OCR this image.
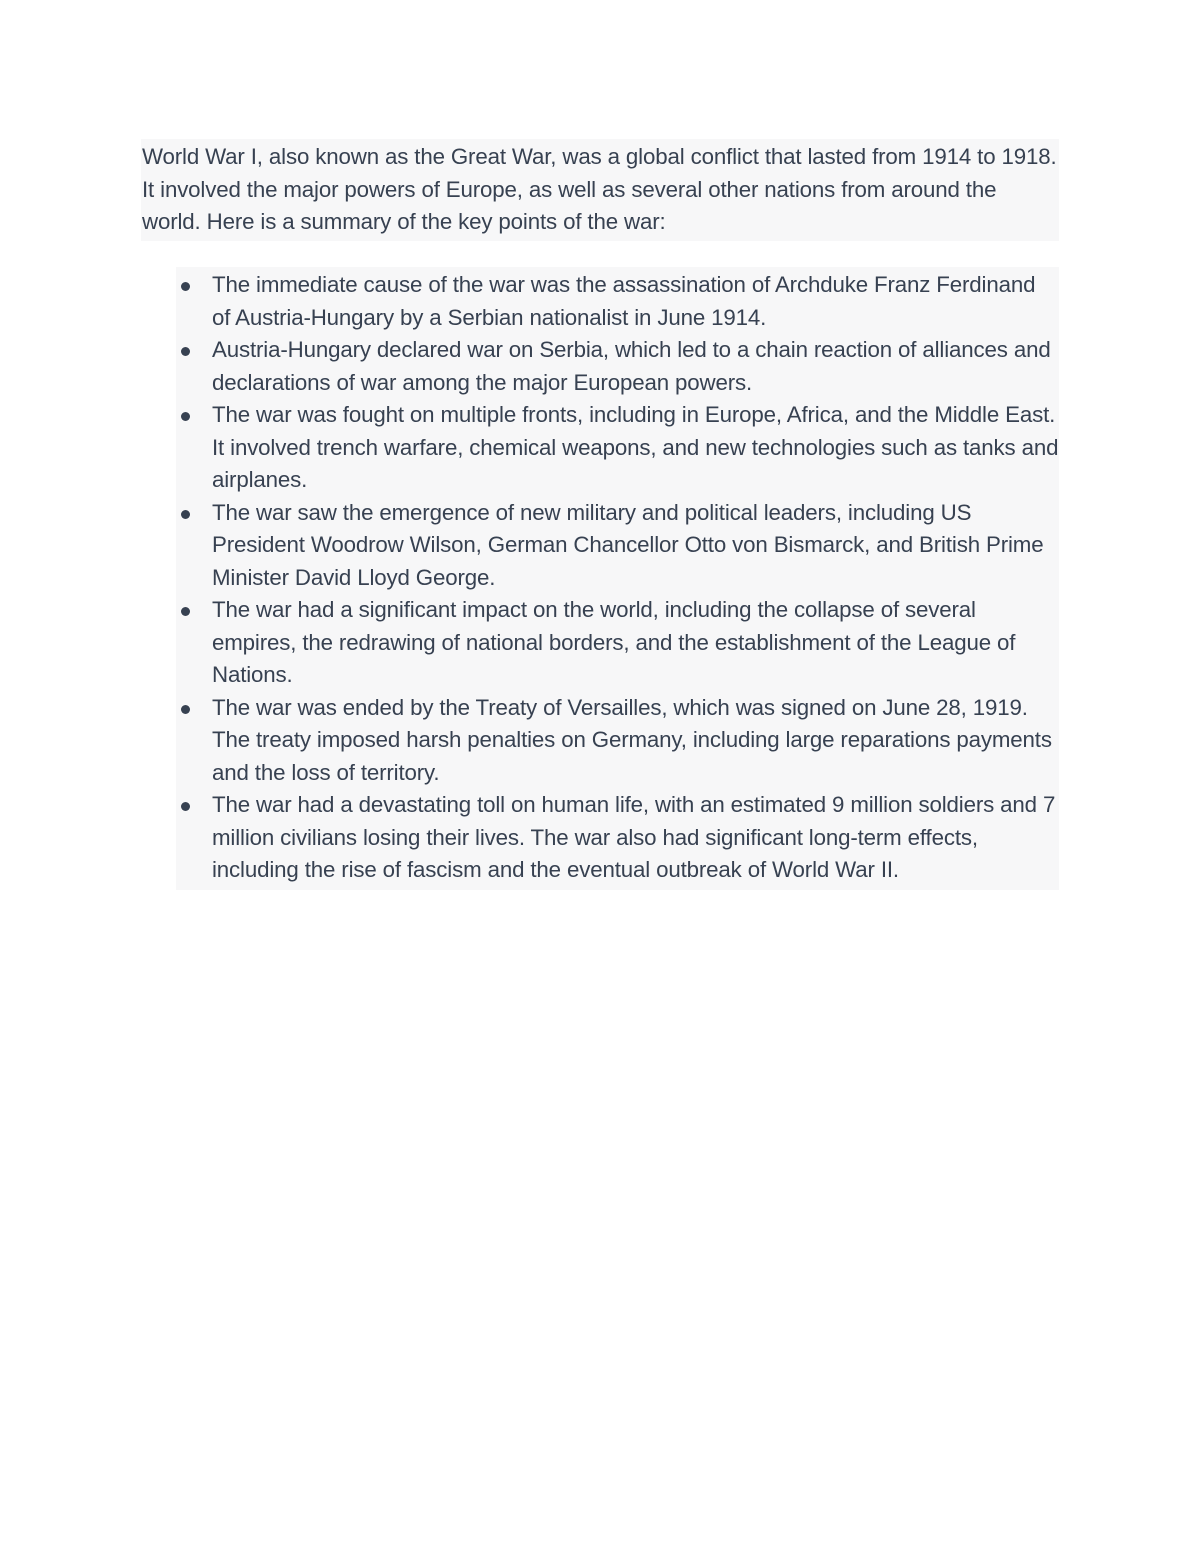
World War I, also known as the Great War, was a global conflict that lasted from 1914 to 1918. It involved the major powers of Europe, as well as several other nations from around the world. Here is a summary of the key points of the war:

The immediate cause of the war was the assassination of Archduke Franz Ferdinand of Austria-Hungary by a Serbian nationalist in June 1914.
Austria-Hungary declared war on Serbia, which led to a chain reaction of alliances and declarations of war among the major European powers.
The war was fought on multiple fronts, including in Europe, Africa, and the Middle East. It involved trench warfare, chemical weapons, and new technologies such as tanks and airplanes.
The war saw the emergence of new military and political leaders, including US President Woodrow Wilson, German Chancellor Otto von Bismarck, and British Prime Minister David Lloyd George.
The war had a significant impact on the world, including the collapse of several empires, the redrawing of national borders, and the establishment of the League of Nations.
The war was ended by the Treaty of Versailles, which was signed on June 28, 1919. The treaty imposed harsh penalties on Germany, including large reparations payments and the loss of territory.
The war had a devastating toll on human life, with an estimated 9 million soldiers and 7 million civilians losing their lives. The war also had significant long-term effects, including the rise of fascism and the eventual outbreak of World War II.
